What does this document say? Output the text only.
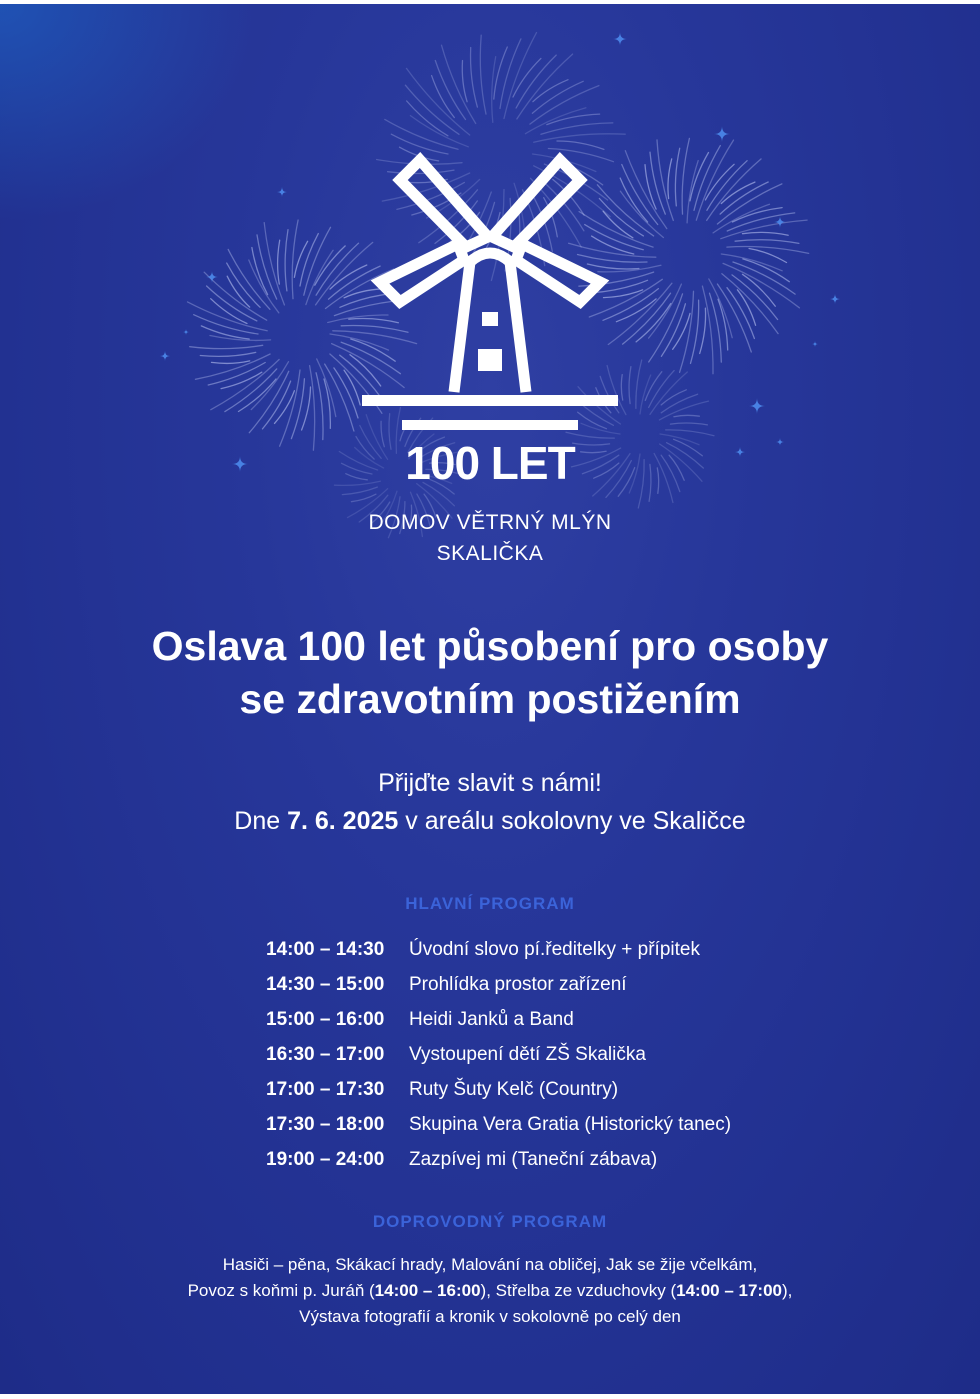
100 LET
DOMOV VĚTRNÝ MLÝN
SKALIČKA
Oslava 100 let působení pro osoby
se zdravotním postižením
Přijďte slavit s námi!
Dne 7. 6. 2025 v areálu sokolovny ve Skaličce
HLAVNÍ PROGRAM
14:00 – 14:30	Úvodní slovo pí.ředitelky + přípitek
14:30 – 15:00	Prohlídka prostor zařízení
15:00 – 16:00	Heidi Janků a Band
16:30 – 17:00	Vystoupení dětí ZŠ Skalička
17:00 – 17:30	Ruty Šuty Kelč (Country)
17:30 – 18:00	Skupina Vera Gratia (Historický tanec)
19:00 – 24:00	Zazpívej mi (Taneční zábava)
DOPROVODNÝ PROGRAM
Hasiči – pěna, Skákací hrady, Malování na obličej, Jak se žije včelkám,
Povoz s koňmi p. Juráň (14:00 – 16:00), Střelba ze vzduchovky (14:00 – 17:00),
Výstava fotografií a kronik v sokolovně po celý den
